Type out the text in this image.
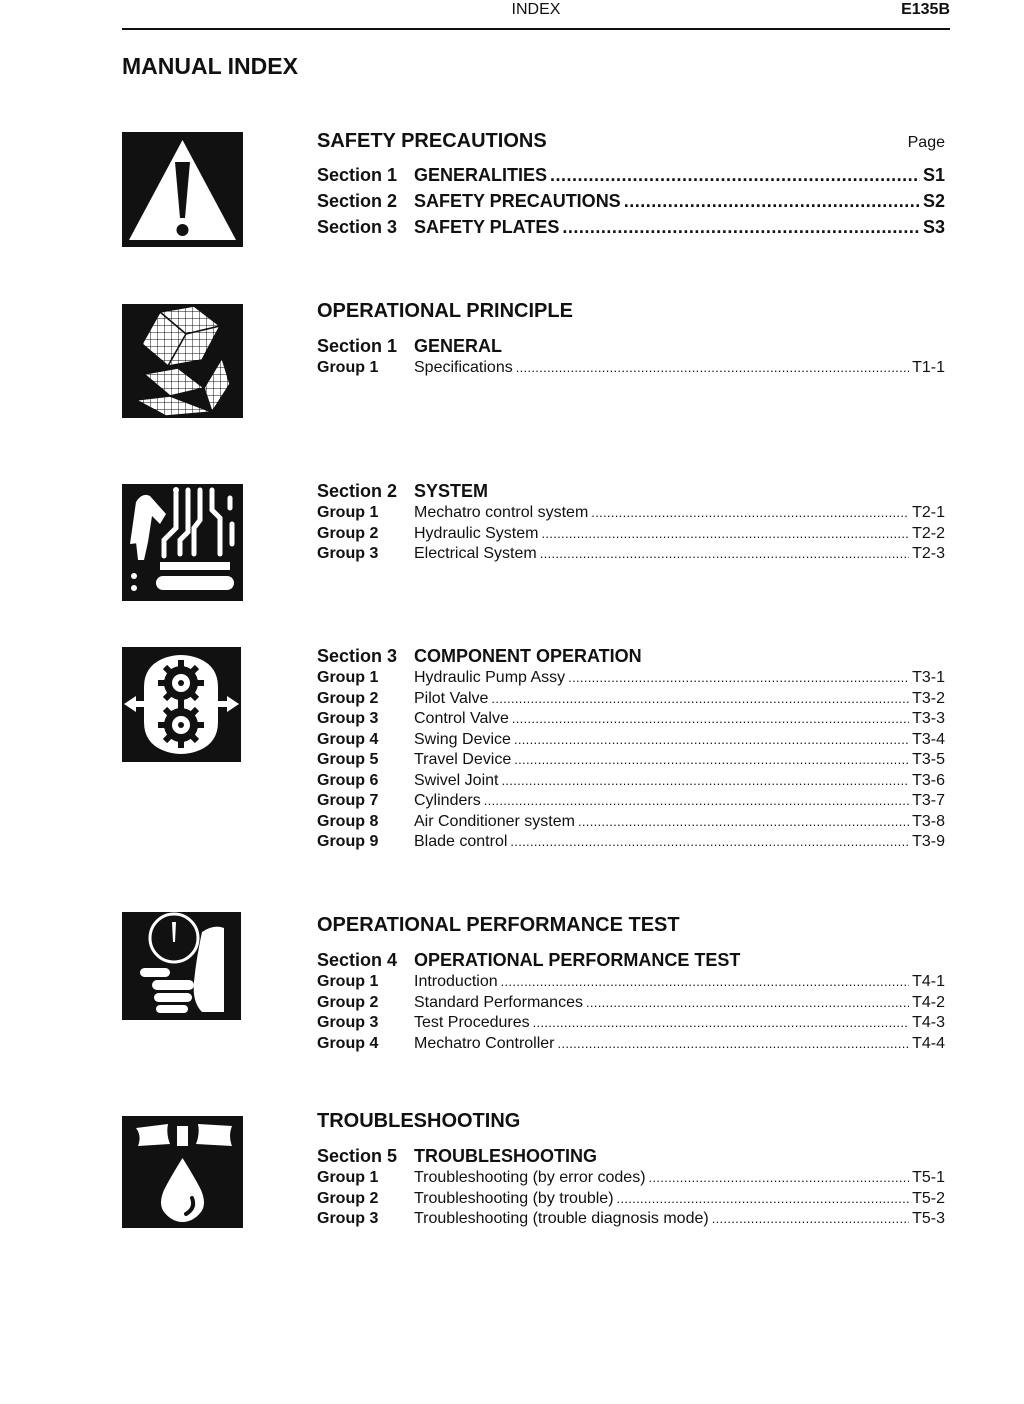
INDEX	E135B
MANUAL INDEX
SAFETY PRECAUTIONS	Page
Section 1 GENERALITIES .....	S1
Section 2 SAFETY PRECAUTIONS .....	S2
Section 3 SAFETY PLATES .....	S3
OPERATIONAL PRINCIPLE
Section 1 GENERAL
Group 1	Specifications .....	T1-1
Section 2 SYSTEM
Group 1	Mechatro control system .....	T2-1
Group 2	Hydraulic System .....	T2-2
Group 3	Electrical System .....	T2-3
Section 3 COMPONENT OPERATION
Group 1	Hydraulic Pump Assy .....	T3-1
Group 2	Pilot Valve .....	T3-2
Group 3	Control Valve .....	T3-3
Group 4	Swing Device .....	T3-4
Group 5	Travel Device .....	T3-5
Group 6	Swivel Joint .....	T3-6
Group 7	Cylinders .....	T3-7
Group 8	Air Conditioner system .....	T3-8
Group 9	Blade control .....	T3-9
OPERATIONAL PERFORMANCE TEST
Section 4 OPERATIONAL PERFORMANCE TEST
Group 1	Introduction .....	T4-1
Group 2	Standard Performances .....	T4-2
Group 3	Test Procedures .....	T4-3
Group 4	Mechatro Controller .....	T4-4
TROUBLESHOOTING
Section 5 TROUBLESHOOTING
Group 1	Troubleshooting (by error codes) .....	T5-1
Group 2	Troubleshooting (by trouble) .....	T5-2
Group 3	Troubleshooting (trouble diagnosis mode) .....	T5-3
